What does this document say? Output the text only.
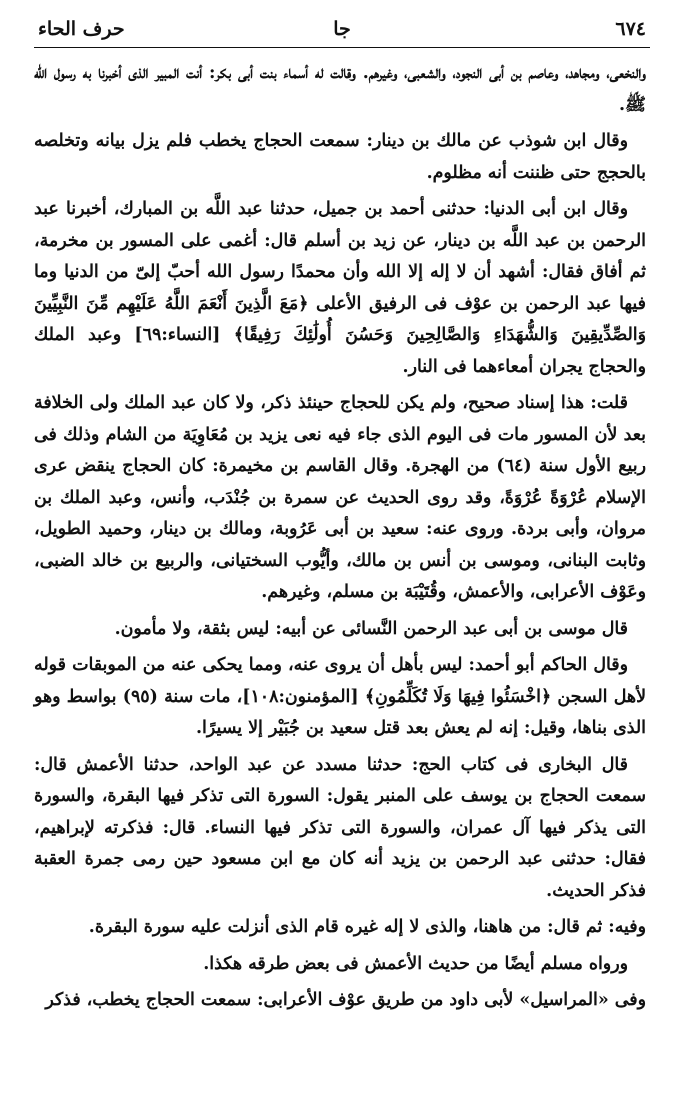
٦٧٤
جا
حرف الحاء

والنخعى، ومجاهد، وعاصم بن أبى النجود، والشعبى، وغيرهم. وقالت له أسماء بنت أبى بكر: أنت المبير الذى أخبرنا به رسول الله ﷺ.

وقال ابن شوذب عن مالك بن دينار: سمعت الحجاج يخطب فلم يزل بيانه وتخلصه بالحجج حتى ظننت أنه مظلوم.

وقال ابن أبى الدنيا: حدثنى أحمد بن جميل، حدثنا عبد اللَّه بن المبارك، أخبرنا عبد الرحمن بن عبد اللَّه بن دينار، عن زيد بن أسلم قال: أغمى على المسور بن مخرمة، ثم أفاق فقال: أشهد أن لا إله إلا الله وأن محمدًا رسول الله أحبّ إلىّ من الدنيا وما فيها عبد الرحمن بن عوْف فى الرفيق الأعلى ﴿مَعَ الَّذِينَ أَنْعَمَ اللَّهُ عَلَيْهِم مِّنَ النَّبِيِّينَ وَالصِّدِّيقِينَ وَالشُّهَدَاءِ وَالصَّالِحِينَ وَحَسُنَ أُولَٰئِكَ رَفِيقًا﴾ [النساء:٦٩] وعبد الملك والحجاج يجران أمعاءهما فى النار.

قلت: هذا إسناد صحيح، ولم يكن للحجاج حينئذ ذكر، ولا كان عبد الملك ولى الخلافة بعد لأن المسور مات فى اليوم الذى جاء فيه نعى يزيد بن مُعَاوِيَة من الشام وذلك فى ربيع الأول سنة (٦٤) من الهجرة. وقال القاسم بن مخيمرة: كان الحجاج ينقض عرى الإسلام عُرْوَةً عُرْوَةً، وقد روى الحديث عن سمرة بن جُنْدَب، وأنس، وعبد الملك بن مروان، وأبى بردة. وروى عنه: سعيد بن أبى عَرُوبة، ومالك بن دينار، وحميد الطويل، وثابت البنانى، وموسى بن أنس بن مالك، وأيُّوب السختيانى، والربيع بن خالد الضبى، وعَوْف الأعرابى، والأعمش، وقُتَيْبَة بن مسلم، وغيرهم.

قال موسى بن أبى عبد الرحمن النَّسائى عن أبيه: ليس بثقة، ولا مأمون.

وقال الحاكم أبو أحمد: ليس بأهل أن يروى عنه، ومما يحكى عنه من الموبقات قوله لأهل السجن ﴿اخْسَئُوا فِيهَا وَلَا تُكَلِّمُونِ﴾ [المؤمنون:١٠٨]، مات سنة (٩٥) بواسط وهو الذى بناها، وقيل: إنه لم يعش بعد قتل سعيد بن جُبَيْر إلا يسيرًا.

قال البخارى فى كتاب الحج: حدثنا مسدد عن عبد الواحد، حدثنا الأعمش قال: سمعت الحجاج بن يوسف على المنبر يقول: السورة التى تذكر فيها البقرة، والسورة التى يذكر فيها آل عمران، والسورة التى تذكر فيها النساء. قال: فذكرته لإبراهيم، فقال: حدثنى عبد الرحمن بن يزيد أنه كان مع ابن مسعود حين رمى جمرة العقبة فذكر الحديث.

وفيه: ثم قال: من هاهنا، والذى لا إله غيره قام الذى أنزلت عليه سورة البقرة.

ورواه مسلم أيضًا من حديث الأعمش فى بعض طرقه هكذا.

وفى «المراسيل» لأبى داود من طريق عوْف الأعرابى: سمعت الحجاج يخطب، فذكر
